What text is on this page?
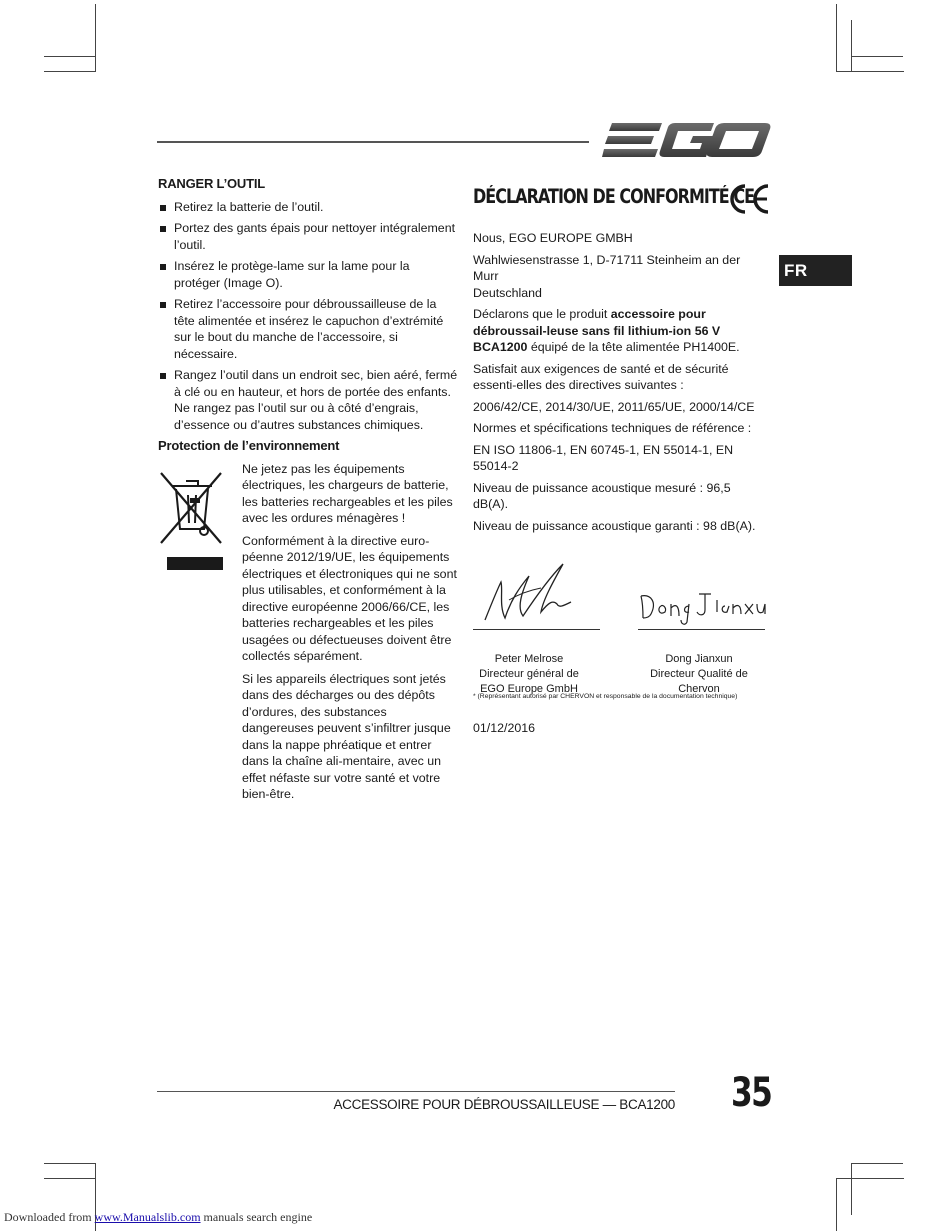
EGO
FR
RANGER L’OUTIL
Retirez la batterie de l’outil.
Portez des gants épais pour nettoyer intégralement l’outil.
Insérez le protège-lame sur la lame pour la protéger (Image O).
Retirez l’accessoire pour débroussailleuse de la tête alimentée et insérez le capuchon d’extrémité sur le bout du manche de l’accessoire, si nécessaire.
Rangez l’outil dans un endroit sec, bien aéré, fermé à clé ou en hauteur, et hors de portée des enfants. Ne rangez pas l’outil sur ou à côté d’engrais, d’essence ou d’autres substances chimiques.
Protection de l’environnement

Ne jetez pas les équipements électriques, les chargeurs de batterie, les batteries rechargeables et les piles avec les ordures ménagères !

Conformément à la directive euro-péenne 2012/19/UE, les équipements électriques et électroniques qui ne sont plus utilisables, et conformément à la directive européenne 2006/66/CE, les batteries rechargeables et les piles usagées ou défectueuses doivent être collectés séparément.

Si les appareils électriques sont jetés dans des décharges ou des dépôts d’ordures, des substances dangereuses peuvent s’infiltrer jusque dans la nappe phréatique et entrer dans la chaîne ali-mentaire, avec un effet néfaste sur votre santé et votre bien-être.

DÉCLARATION DE CONFORMITÉ CE
CE

Nous, EGO EUROPE GMBH

Wahlwiesenstrasse 1, D-71711 Steinheim an der Murr

Deutschland

Déclarons que le produit accessoire pour débroussail-leuse sans fil lithium-ion 56 V BCA1200 équipé de la tête alimentée PH1400E.

Satisfait aux exigences de santé et de sécurité essenti-elles des directives suivantes :

2006/42/CE, 2014/30/UE, 2011/65/UE, 2000/14/CE

Normes et spécifications techniques de référence :

EN ISO 11806-1, EN 60745-1, EN 55014-1, EN 55014-2

Niveau de puissance acoustique mesuré : 96,5 dB(A).

Niveau de puissance acoustique garanti : 98 dB(A).

Peter Melrose
Directeur général de
EGO Europe GmbH
Dong Jianxun
Directeur Qualité de
Chervon
* (Représentant autorisé par CHERVON et responsable de la documentation technique)
01/12/2016
ACCESSOIRE POUR DÉBROUSSAILLEUSE — BCA1200 35
Downloaded from www.Manualslib.com manuals search engine
